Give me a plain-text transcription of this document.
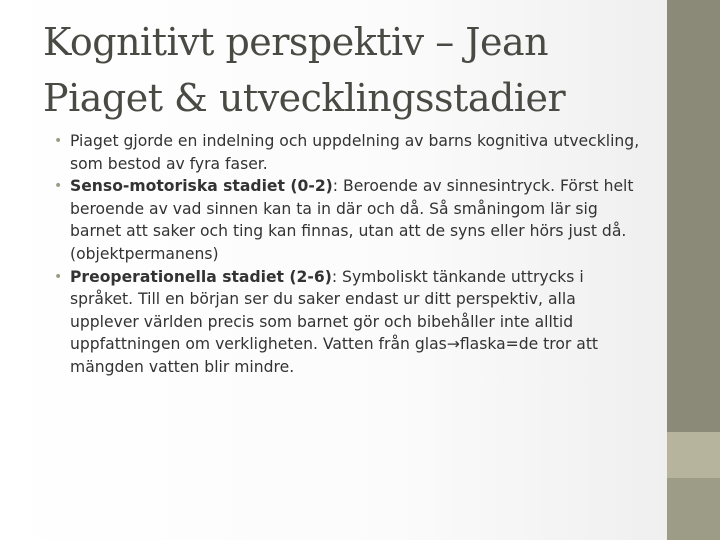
Kognitivt perspektiv – Jean
Piaget & utvecklingsstadier
• Piaget gjorde en indelning och uppdelning av barns kognitiva utveckling, som bestod av fyra faser.
• Senso-motoriska stadiet (0-2): Beroende av sinnesintryck. Först helt beroende av vad sinnen kan ta in där och då. Så småningom lär sig barnet att saker och ting kan finnas, utan att de syns eller hörs just då. (objektpermanens)
• Preoperationella stadiet (2-6): Symboliskt tänkande uttrycks i språket. Till en början ser du saker endast ur ditt perspektiv, alla upplever världen precis som barnet gör och bibehåller inte alltid uppfattningen om verkligheten. Vatten från glas→flaska=de tror att mängden vatten blir mindre.
